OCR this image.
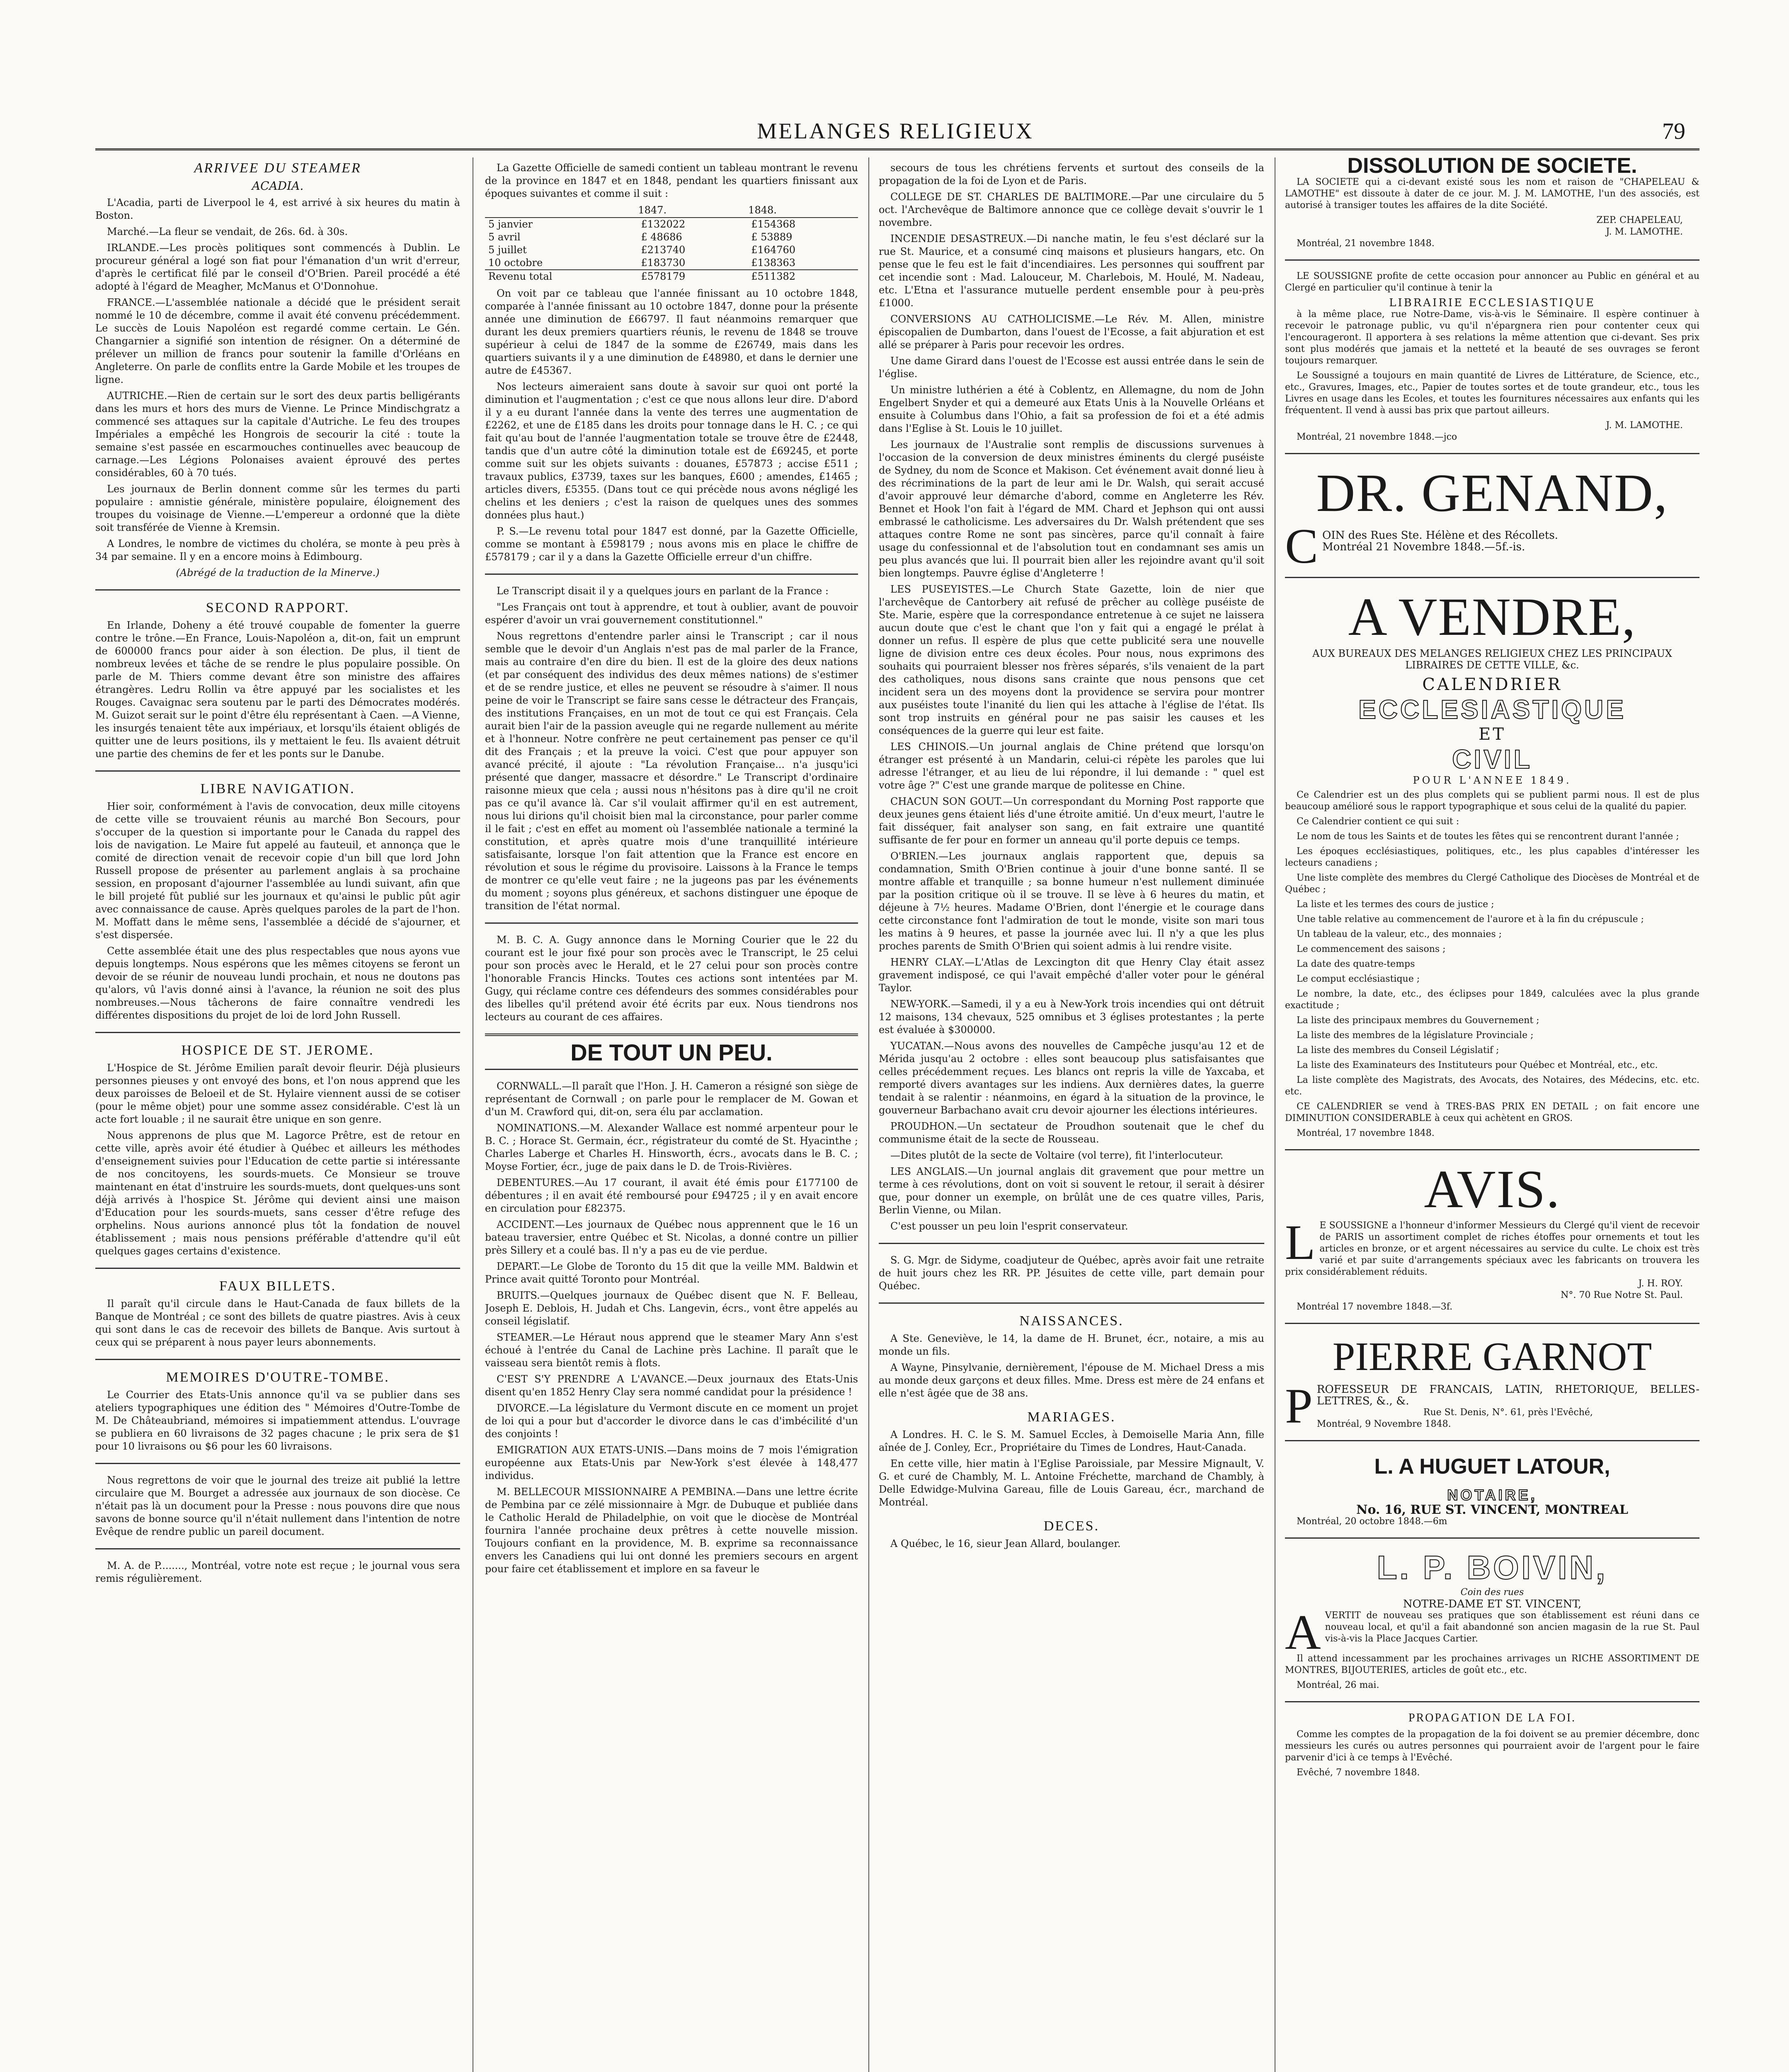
MELANGES RELIGIEUX	79
ARRIVEE DU STEAMER
ACADIA.

L'Acadia, parti de Liverpool le 4, est arrivé à six heures du matin à Boston.

Marché.—La fleur se vendait, de 26s. 6d. à 30s.

IRLANDE.—Les procès politiques sont commencés à Dublin. Le procureur général a logé son fiat pour l'émanation d'un writ d'erreur, d'après le certificat filé par le conseil d'O'Brien. Pareil procédé a été adopté à l'égard de Meagher, McManus et O'Donnohue.

FRANCE.—L'assemblée nationale a décidé que le président serait nommé le 10 de décembre, comme il avait été convenu précédemment. Le succès de Louis Napoléon est regardé comme certain. Le Gén. Changarnier a signifié son intention de résigner. On a déterminé de prélever un million de francs pour soutenir la famille d'Orléans en Angleterre. On parle de conflits entre la Garde Mobile et les troupes de ligne.

AUTRICHE.—Rien de certain sur le sort des deux partis belligérants dans les murs et hors des murs de Vienne. Le Prince Mindischgratz a commencé ses attaques sur la capitale d'Autriche. Le feu des troupes Impériales a empêché les Hongrois de secourir la cité : toute la semaine s'est passée en escarmouches continuelles avec beaucoup de carnage.—Les Légions Polonaises avaient éprouvé des pertes considérables, 60 à 70 tués.

Les journaux de Berlin donnent comme sûr les termes du parti populaire : amnistie générale, ministère populaire, éloignement des troupes du voisinage de Vienne.—L'empereur a ordonné que la diète soit transférée de Vienne à Kremsin.

A Londres, le nombre de victimes du choléra, se monte à peu près à 34 par semaine. Il y en a encore moins à Edimbourg.

(Abrégé de la traduction de la Minerve.)
SECOND RAPPORT.

En Irlande, Doheny a été trouvé coupable de fomenter la guerre contre le trône.—En France, Louis-Napoléon a, dit-on, fait un emprunt de 600000 francs pour aider à son élection. De plus, il tient de nombreux levées et tâche de se rendre le plus populaire possible. On parle de M. Thiers comme devant être son ministre des affaires étrangères. Ledru Rollin va être appuyé par les socialistes et les Rouges. Cavaignac sera soutenu par le parti des Démocrates modérés. M. Guizot serait sur le point d'être élu représentant à Caen. —A Vienne, les insurgés tenaient tête aux impériaux, et lorsqu'ils étaient obligés de quitter une de leurs positions, ils y mettaient le feu. Ils avaient détruit une partie des chemins de fer et les ponts sur le Danube.

LIBRE NAVIGATION.

Hier soir, conformément à l'avis de convocation, deux mille citoyens de cette ville se trouvaient réunis au marché Bon Secours, pour s'occuper de la question si importante pour le Canada du rappel des lois de navigation. Le Maire fut appelé au fauteuil, et annonça que le comité de direction venait de recevoir copie d'un bill que lord John Russell propose de présenter au parlement anglais à sa prochaine session, en proposant d'ajourner l'assemblée au lundi suivant, afin que le bill projeté fût publié sur les journaux et qu'ainsi le public pût agir avec connaissance de cause. Après quelques paroles de la part de l'hon. M. Moffatt dans le même sens, l'assemblée a décidé de s'ajourner, et s'est dispersée.

Cette assemblée était une des plus respectables que nous ayons vue depuis longtemps. Nous espérons que les mêmes citoyens se feront un devoir de se réunir de nouveau lundi prochain, et nous ne doutons pas qu'alors, vû l'avis donné ainsi à l'avance, la réunion ne soit des plus nombreuses.—Nous tâcherons de faire connaître vendredi les différentes dispositions du projet de loi de lord John Russell.

HOSPICE DE ST. JEROME.

L'Hospice de St. Jérôme Emilien paraît devoir fleurir. Déjà plusieurs personnes pieuses y ont envoyé des bons, et l'on nous apprend que les deux paroisses de Beloeil et de St. Hylaire viennent aussi de se cotiser (pour le même objet) pour une somme assez considérable. C'est là un acte fort louable ; il ne saurait être unique en son genre.

Nous apprenons de plus que M. Lagorce Prêtre, est de retour en cette ville, après avoir été étudier à Québec et ailleurs les méthodes d'enseignement suivies pour l'Education de cette partie si intéressante de nos concitoyens, les sourds-muets. Ce Monsieur se trouve maintenant en état d'instruire les sourds-muets, dont quelques-uns sont déjà arrivés à l'hospice St. Jérôme qui devient ainsi une maison d'Education pour les sourds-muets, sans cesser d'être refuge des orphelins. Nous aurions annoncé plus tôt la fondation de nouvel établissement ; mais nous pensions préférable d'attendre qu'il eût quelques gages certains d'existence.

FAUX BILLETS.

Il paraît qu'il circule dans le Haut-Canada de faux billets de la Banque de Montréal ; ce sont des billets de quatre piastres. Avis à ceux qui sont dans le cas de recevoir des billets de Banque. Avis surtout à ceux qui se préparent à nous payer leurs abonnements.

MEMOIRES D'OUTRE-TOMBE.

Le Courrier des Etats-Unis annonce qu'il va se publier dans ses ateliers typographiques une édition des " Mémoires d'Outre-Tombe de M. De Châteaubriand, mémoires si impatiemment attendus. L'ouvrage se publiera en 60 livraisons de 32 pages chacune ; le prix sera de $1 pour 10 livraisons ou $6 pour les 60 livraisons.

Nous regrettons de voir que le journal des treize ait publié la lettre circulaire que M. Bourget a adressée aux journaux de son diocèse. Ce n'était pas là un document pour la Presse : nous pouvons dire que nous savons de bonne source qu'il n'était nullement dans l'intention de notre Evêque de rendre public un pareil document.

M. A. de P........, Montréal, votre note est reçue ; le journal vous sera remis régulièrement.

La Gazette Officielle de samedi contient un tableau montrant le revenu de la province en 1847 et en 1848, pendant les quartiers finissant aux époques suivantes et comme il suit :

	1847.	1848.
5 janvier	£132022	£154368
5 avril	£ 48686	£ 53889
5 juillet	£213740	£164760
10 octobre	£183730	£138363
Revenu total	£578179	£511382

On voit par ce tableau que l'année finissant au 10 octobre 1848, comparée à l'année finissant au 10 octobre 1847, donne pour la présente année une diminution de £66797. Il faut néanmoins remarquer que durant les deux premiers quartiers réunis, le revenu de 1848 se trouve supérieur à celui de 1847 de la somme de £26749, mais dans les quartiers suivants il y a une diminution de £48980, et dans le dernier une autre de £45367.

Nos lecteurs aimeraient sans doute à savoir sur quoi ont porté la diminution et l'augmentation ; c'est ce que nous allons leur dire. D'abord il y a eu durant l'année dans la vente des terres une augmentation de £2262, et une de £185 dans les droits pour tonnage dans le H. C. ; ce qui fait qu'au bout de l'année l'augmentation totale se trouve être de £2448, tandis que d'un autre côté la diminution totale est de £69245, et porte comme suit sur les objets suivants : douanes, £57873 ; accise £511 ; travaux publics, £3739, taxes sur les banques, £600 ; amendes, £1465 ; articles divers, £5355. (Dans tout ce qui précède nous avons négligé les chelins et les deniers ; c'est la raison de quelques unes des sommes données plus haut.)

P. S.—Le revenu total pour 1847 est donné, par la Gazette Officielle, comme se montant à £598179 ; nous avons mis en place le chiffre de £578179 ; car il y a dans la Gazette Officielle erreur d'un chiffre.

Le Transcript disait il y a quelques jours en parlant de la France :

"Les Français ont tout à apprendre, et tout à oublier, avant de pouvoir espérer d'avoir un vrai gouvernement constitutionnel."

Nous regrettons d'entendre parler ainsi le Transcript ; car il nous semble que le devoir d'un Anglais n'est pas de mal parler de la France, mais au contraire d'en dire du bien. Il est de la gloire des deux nations (et par conséquent des individus des deux mêmes nations) de s'estimer et de se rendre justice, et elles ne peuvent se résoudre à s'aimer. Il nous peine de voir le Transcript se faire sans cesse le détracteur des Français, des institutions Françaises, en un mot de tout ce qui est Français. Cela aurait bien l'air de la passion aveugle qui ne regarde nullement au mérite et à l'honneur. Notre confrère ne peut certainement pas penser ce qu'il dit des Français ; et la preuve la voici. C'est que pour appuyer son avancé précité, il ajoute : "La révolution Française... n'a jusqu'ici présenté que danger, massacre et désordre." Le Transcript d'ordinaire raisonne mieux que cela ; aussi nous n'hésitons pas à dire qu'il ne croit pas ce qu'il avance là. Car s'il voulait affirmer qu'il en est autrement, nous lui dirions qu'il choisit bien mal la circonstance, pour parler comme il le fait ; c'est en effet au moment où l'assemblée nationale a terminé la constitution, et après quatre mois d'une tranquillité intérieure satisfaisante, lorsque l'on fait attention que la France est encore en révolution et sous le régime du provisoire. Laissons à la France le temps de montrer ce qu'elle veut faire ; ne la jugeons pas par les événements du moment ; soyons plus généreux, et sachons distinguer une époque de transition de l'état normal.

M. B. C. A. Gugy annonce dans le Morning Courier que le 22 du courant est le jour fixé pour son procès avec le Transcript, le 25 celui pour son procès avec le Herald, et le 27 celui pour son procès contre l'honorable Francis Hincks. Toutes ces actions sont intentées par M. Gugy, qui réclame contre ces défendeurs des sommes considérables pour des libelles qu'il prétend avoir été écrits par eux. Nous tiendrons nos lecteurs au courant de ces affaires.

DE TOUT UN PEU.

CORNWALL.—Il paraît que l'Hon. J. H. Cameron a résigné son siège de représentant de Cornwall ; on parle pour le remplacer de M. Gowan et d'un M. Crawford qui, dit-on, sera élu par acclamation.

NOMINATIONS.—M. Alexander Wallace est nommé arpenteur pour le B. C. ; Horace St. Germain, écr., régistrateur du comté de St. Hyacinthe ; Charles Laberge et Charles H. Hinsworth, écrs., avocats dans le B. C. ; Moyse Fortier, écr., juge de paix dans le D. de Trois-Rivières.

DEBENTURES.—Au 17 courant, il avait été émis pour £177100 de débentures ; il en avait été remboursé pour £94725 ; il y en avait encore en circulation pour £82375.

ACCIDENT.—Les journaux de Québec nous apprennent que le 16 un bateau traversier, entre Québec et St. Nicolas, a donné contre un pillier près Sillery et a coulé bas. Il n'y a pas eu de vie perdue.

DEPART.—Le Globe de Toronto du 15 dit que la veille MM. Baldwin et Prince avait quitté Toronto pour Montréal.

BRUITS.—Quelques journaux de Québec disent que N. F. Belleau, Joseph E. Deblois, H. Judah et Chs. Langevin, écrs., vont être appelés au conseil législatif.

STEAMER.—Le Héraut nous apprend que le steamer Mary Ann s'est échoué à l'entrée du Canal de Lachine près Lachine. Il paraît que le vaisseau sera bientôt remis à flots.

C'EST S'Y PRENDRE A L'AVANCE.—Deux journaux des Etats-Unis disent qu'en 1852 Henry Clay sera nommé candidat pour la présidence !

DIVORCE.—La législature du Vermont discute en ce moment un projet de loi qui a pour but d'accorder le divorce dans le cas d'imbécilité d'un des conjoints !

EMIGRATION AUX ETATS-UNIS.—Dans moins de 7 mois l'émigration européenne aux Etats-Unis par New-York s'est élevée à 148,477 individus.

M. BELLECOUR MISSIONNAIRE A PEMBINA.—Dans une lettre écrite de Pembina par ce zélé missionnaire à Mgr. de Dubuque et publiée dans le Catholic Herald de Philadelphie, on voit que le diocèse de Montréal fournira l'année prochaine deux prêtres à cette nouvelle mission. Toujours confiant en la providence, M. B. exprime sa reconnaissance envers les Canadiens qui lui ont donné les premiers secours en argent pour faire cet établissement et implore en sa faveur le

secours de tous les chrétiens fervents et surtout des conseils de la propagation de la foi de Lyon et de Paris.

COLLEGE DE ST. CHARLES DE BALTIMORE.—Par une circulaire du 5 oct. l'Archevêque de Baltimore annonce que ce collège devait s'ouvrir le 1 novembre.

INCENDIE DESASTREUX.—Di nanche matin, le feu s'est déclaré sur la rue St. Maurice, et a consumé cinq maisons et plusieurs hangars, etc. On pense que le feu est le fait d'incendiaires. Les personnes qui souffrent par cet incendie sont : Mad. Lalouceur, M. Charlebois, M. Houlé, M. Nadeau, etc. L'Etna et l'assurance mutuelle perdent ensemble pour à peu-près £1000.

CONVERSIONS AU CATHOLICISME.—Le Rév. M. Allen, ministre épiscopalien de Dumbarton, dans l'ouest de l'Ecosse, a fait abjuration et est allé se préparer à Paris pour recevoir les ordres.

Une dame Girard dans l'ouest de l'Ecosse est aussi entrée dans le sein de l'église.

Un ministre luthérien a été à Coblentz, en Allemagne, du nom de John Engelbert Snyder et qui a demeuré aux Etats Unis à la Nouvelle Orléans et ensuite à Columbus dans l'Ohio, a fait sa profession de foi et a été admis dans l'Eglise à St. Louis le 10 juillet.

Les journaux de l'Australie sont remplis de discussions survenues à l'occasion de la conversion de deux ministres éminents du clergé puséiste de Sydney, du nom de Sconce et Makison. Cet événement avait donné lieu à des récriminations de la part de leur ami le Dr. Walsh, qui serait accusé d'avoir approuvé leur démarche d'abord, comme en Angleterre les Rév. Bennet et Hook l'on fait à l'égard de MM. Chard et Jephson qui ont aussi embrassé le catholicisme. Les adversaires du Dr. Walsh prétendent que ses attaques contre Rome ne sont pas sincères, parce qu'il connaît à faire usage du confessionnal et de l'absolution tout en condamnant ses amis un peu plus avancés que lui. Il pourrait bien aller les rejoindre avant qu'il soit bien longtemps. Pauvre église d'Angleterre !

LES PUSEYISTES.—Le Church State Gazette, loin de nier que l'archevêque de Cantorbery ait refusé de prêcher au collège puséiste de Ste. Marie, espère que la correspondance entretenue à ce sujet ne laissera aucun doute que c'est le chant que l'on y fait qui a engagé le prélat à donner un refus. Il espère de plus que cette publicité sera une nouvelle ligne de division entre ces deux écoles. Pour nous, nous exprimons des souhaits qui pourraient blesser nos frères séparés, s'ils venaient de la part des catholiques, nous disons sans crainte que nous pensons que cet incident sera un des moyens dont la providence se servira pour montrer aux puséistes toute l'inanité du lien qui les attache à l'église de l'état. Ils sont trop instruits en général pour ne pas saisir les causes et les conséquences de la guerre qui leur est faite.

LES CHINOIS.—Un journal anglais de Chine prétend que lorsqu'on étranger est présenté à un Mandarin, celui-ci répète les paroles que lui adresse l'étranger, et au lieu de lui répondre, il lui demande : " quel est votre âge ?" C'est une grande marque de politesse en Chine.

CHACUN SON GOUT.—Un correspondant du Morning Post rapporte que deux jeunes gens étaient liés d'une étroite amitié. Un d'eux meurt, l'autre le fait disséquer, fait analyser son sang, en fait extraire une quantité suffisante de fer pour en former un anneau qu'il porte depuis ce temps.

O'BRIEN.—Les journaux anglais rapportent que, depuis sa condamnation, Smith O'Brien continue à jouir d'une bonne santé. Il se montre affable et tranquille ; sa bonne humeur n'est nullement diminuée par la position critique où il se trouve. Il se lève à 6 heures du matin, et déjeune à 7½ heures. Madame O'Brien, dont l'énergie et le courage dans cette circonstance font l'admiration de tout le monde, visite son mari tous les matins à 9 heures, et passe la journée avec lui. Il n'y a que les plus proches parents de Smith O'Brien qui soient admis à lui rendre visite.

HENRY CLAY.—L'Atlas de Lexcington dit que Henry Clay était assez gravement indisposé, ce qui l'avait empêché d'aller voter pour le général Taylor.

NEW-YORK.—Samedi, il y a eu à New-York trois incendies qui ont détruit 12 maisons, 134 chevaux, 525 omnibus et 3 églises protestantes ; la perte est évaluée à $300000.

YUCATAN.—Nous avons des nouvelles de Campêche jusqu'au 12 et de Mérida jusqu'au 2 octobre : elles sont beaucoup plus satisfaisantes que celles précédemment reçues. Les blancs ont repris la ville de Yaxcaba, et remporté divers avantages sur les indiens. Aux dernières dates, la guerre tendait à se ralentir : néanmoins, en égard à la situation de la province, le gouverneur Barbachano avait cru devoir ajourner les élections intérieures.

PROUDHON.—Un sectateur de Proudhon soutenait que le chef du communisme était de la secte de Rousseau.

—Dites plutôt de la secte de Voltaire (vol terre), fit l'interlocuteur.

LES ANGLAIS.—Un journal anglais dit gravement que pour mettre un terme à ces révolutions, dont on voit si souvent le retour, il serait à désirer que, pour donner un exemple, on brûlât une de ces quatre villes, Paris, Berlin Vienne, ou Milan.

C'est pousser un peu loin l'esprit conservateur.

S. G. Mgr. de Sidyme, coadjuteur de Québec, après avoir fait une retraite de huit jours chez les RR. PP. Jésuites de cette ville, part demain pour Québec.

NAISSANCES.

A Ste. Geneviève, le 14, la dame de H. Brunet, écr., notaire, a mis au monde un fils.

A Wayne, Pinsylvanie, dernièrement, l'épouse de M. Michael Dress a mis au monde deux garçons et deux filles. Mme. Dress est mère de 24 enfans et elle n'est âgée que de 38 ans.

MARIAGES.

A Londres. H. C. le S. M. Samuel Eccles, à Demoiselle Maria Ann, fille aînée de J. Conley, Ecr., Propriétaire du Times de Londres, Haut-Canada.

En cette ville, hier matin à l'Eglise Paroissiale, par Messire Mignault, V. G. et curé de Chambly, M. L. Antoine Fréchette, marchand de Chambly, à Delle Edwidge-Mulvina Gareau, fille de Louis Gareau, écr., marchand de Montréal.

DECES.

A Québec, le 16, sieur Jean Allard, boulanger.

DISSOLUTION DE SOCIETE.

LA SOCIETE qui a ci-devant existé sous les nom et raison de "CHAPELEAU & LAMOTHE" est dissoute à dater de ce jour. M. J. M. LAMOTHE, l'un des associés, est autorisé à transiger toutes les affaires de la dite Société.

ZEP. CHAPELEAU,
J. M. LAMOTHE.

Montréal, 21 novembre 1848.

LE SOUSSIGNE profite de cette occasion pour annoncer au Public en général et au Clergé en particulier qu'il continue à tenir la

LIBRAIRIE ECCLESIASTIQUE

à la même place, rue Notre-Dame, vis-à-vis le Séminaire. Il espère continuer à recevoir le patronage public, vu qu'il n'épargnera rien pour contenter ceux qui l'encourageront. Il apportera à ses relations la même attention que ci-devant. Ses prix sont plus modérés que jamais et la netteté et la beauté de ses ouvrages se feront toujours remarquer.

Le Soussigné a toujours en main quantité de Livres de Littérature, de Science, etc., etc., Gravures, Images, etc., Papier de toutes sortes et de toute grandeur, etc., tous les Livres en usage dans les Ecoles, et toutes les fournitures nécessaires aux enfants qui les fréquentent. Il vend à aussi bas prix que partout ailleurs.

J. M. LAMOTHE.

Montréal, 21 novembre 1848.—jco

DR. GENAND,
C OIN des Rues Ste. Hélène et des Récollets.
Montréal 21 Novembre 1848.—5f.-is.
A VENDRE,
AUX BUREAUX DES MELANGES RELIGIEUX CHEZ LES PRINCIPAUX LIBRAIRES DE CETTE VILLE, &c.
CALENDRIER
ECCLESIASTIQUE
ET
CIVIL
POUR L'ANNEE 1849.

Ce Calendrier est un des plus complets qui se publient parmi nous. Il est de plus beaucoup amélioré sous le rapport typographique et sous celui de la qualité du papier.

Ce Calendrier contient ce qui suit :

Le nom de tous les Saints et de toutes les fêtes qui se rencontrent durant l'année ;

Les époques ecclésiastiques, politiques, etc., les plus capables d'intéresser les lecteurs canadiens ;

Une liste complète des membres du Clergé Catholique des Diocèses de Montréal et de Québec ;

La liste et les termes des cours de justice ;

Une table relative au commencement de l'aurore et à la fin du crépuscule ;

Un tableau de la valeur, etc., des monnaies ;

Le commencement des saisons ;

La date des quatre-temps

Le comput ecclésiastique ;

Le nombre, la date, etc., des éclipses pour 1849, calculées avec la plus grande exactitude ;

La liste des principaux membres du Gouvernement ;

La liste des membres de la législature Provinciale ;

La liste des membres du Conseil Législatif ;

La liste des Examinateurs des Instituteurs pour Québec et Montréal, etc., etc.

La liste complète des Magistrats, des Avocats, des Notaires, des Médecins, etc. etc. etc.

CE CALENDRIER se vend à TRES-BAS PRIX EN DETAIL ; on fait encore une DIMINUTION CONSIDERABLE à ceux qui achètent en GROS.

Montréal, 17 novembre 1848.

AVIS.
L E SOUSSIGNE a l'honneur d'informer Messieurs du Clergé qu'il vient de recevoir de PARIS un assortiment complet de riches étoffes pour ornements et tout les articles en bronze, or et argent nécessaires au service du culte. Le choix est très varié et par suite d'arrangements spéciaux avec les fabricants on trouvera les prix considérablement réduits.
J. H. ROY.
N°. 70 Rue Notre St. Paul.

Montréal 17 novembre 1848.—3f.

PIERRE GARNOT
P ROFESSEUR DE FRANCAIS, LATIN, RHETORIQUE, BELLES-LETTRES, &., &.
Rue St. Denis, N°. 61, près l'Evêché,
Montréal, 9 Novembre 1848.
L. A HUGUET LATOUR,
NOTAIRE,
No. 16, RUE ST. VINCENT, MONTREAL

Montréal, 20 octobre 1848.—6m

L. P. BOIVIN,
Coin des rues
NOTRE-DAME ET ST. VINCENT,
A VERTIT de nouveau ses pratiques que son établissement est réuni dans ce nouveau local, et qu'il a fait abandonné son ancien magasin de la rue St. Paul vis-à-vis la Place Jacques Cartier.

Il attend incessamment par les prochaines arrivages un RICHE ASSORTIMENT DE MONTRES, BIJOUTERIES, articles de goût etc., etc.

Montréal, 26 mai.

PROPAGATION DE LA FOI.

Comme les comptes de la propagation de la foi doivent se au premier décembre, donc messieurs les curés ou autres personnes qui pourraient avoir de l'argent pour le faire parvenir d'ici à ce temps à l'Evêché.

Evêché, 7 novembre 1848.
